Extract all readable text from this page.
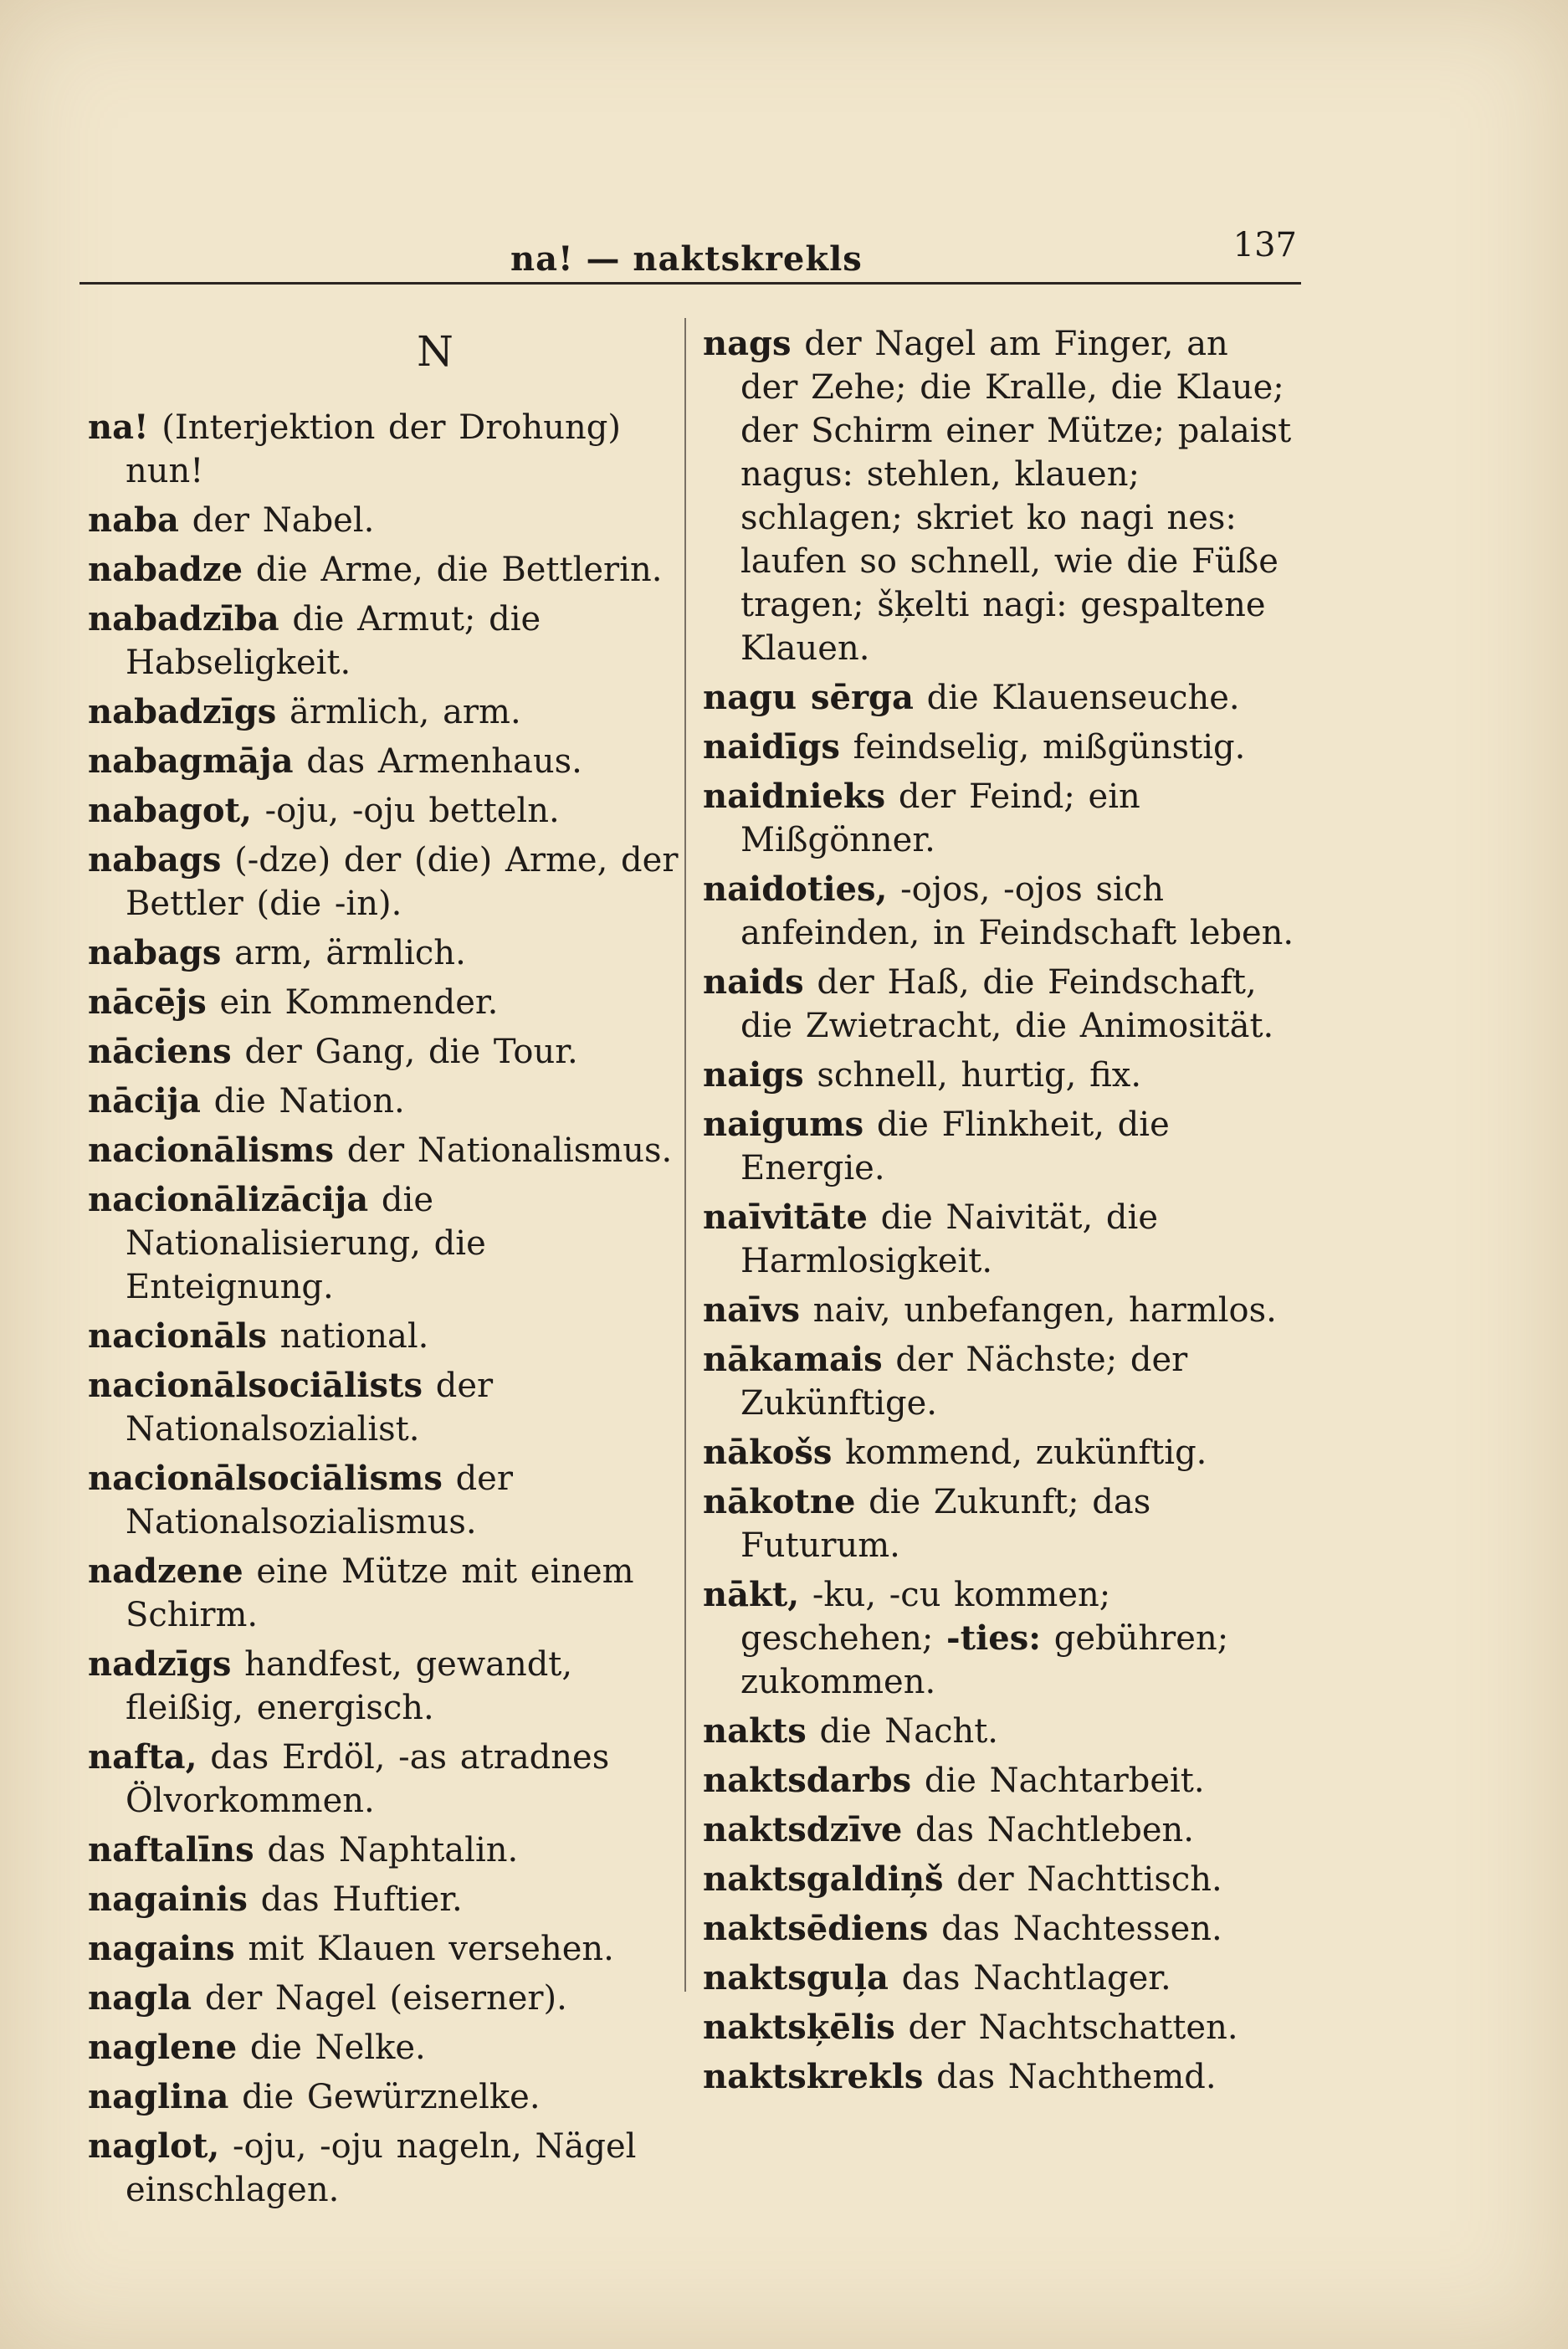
na! — naktskrekls	137
N

na! (Interjektion der Drohung) nun!

naba der Nabel.

nabadze die Arme, die Bettlerin.

nabadzība die Armut; die Habseligkeit.

nabadzīgs ärmlich, arm.

nabagmāja das Armenhaus.

nabagot, -oju, -oju betteln.

nabags (-dze) der (die) Arme, der Bettler (die -in).

nabags arm, ärmlich.

nācējs ein Kommender.

nāciens der Gang, die Tour.

nācija die Nation.

nacionālisms der Nationalismus.

nacionālizācija die Nationalisierung, die Enteignung.

nacionāls national.

nacionālsociālists der Nationalsozialist.

nacionālsociālisms der Nationalsozialismus.

nadzene eine Mütze mit einem Schirm.

nadzīgs handfest, gewandt, fleißig, energisch.

nafta, das Erdöl, -as atradnes Ölvorkommen.

naftalīns das Naphtalin.

nagainis das Huftier.

nagains mit Klauen versehen.

nagla der Nagel (eiserner).

naglene die Nelke.

naglina die Gewürznelke.

naglot, -oju, -oju nageln, Nägel einschlagen.

nags der Nagel am Finger, an der Zehe; die Kralle, die Klaue; der Schirm einer Mütze; palaist nagus: stehlen, klauen; schlagen; skriet ko nagi nes: laufen so schnell, wie die Füße tragen; šķelti nagi: gespaltene Klauen.

nagu sērga die Klauenseuche.

naidīgs feindselig, mißgünstig.

naidnieks der Feind; ein Mißgönner.

naidoties, -ojos, -ojos sich anfeinden, in Feindschaft leben.

naids der Haß, die Feindschaft, die Zwietracht, die Animosität.

naigs schnell, hurtig, fix.

naigums die Flinkheit, die Energie.

naīvitāte die Naivität, die Harmlosigkeit.

naīvs naiv, unbefangen, harmlos.

nākamais der Nächste; der Zukünftige.

nākošs kommend, zukünftig.

nākotne die Zukunft; das Futurum.

nākt, -ku, -cu kommen; geschehen; -ties: gebühren; zukommen.

nakts die Nacht.

naktsdarbs die Nachtarbeit.

naktsdzīve das Nachtleben.

naktsgaldiņš der Nachttisch.

naktsēdiens das Nachtessen.

naktsguļa das Nachtlager.

naktsķēlis der Nachtschatten.

naktskrekls das Nachthemd.
